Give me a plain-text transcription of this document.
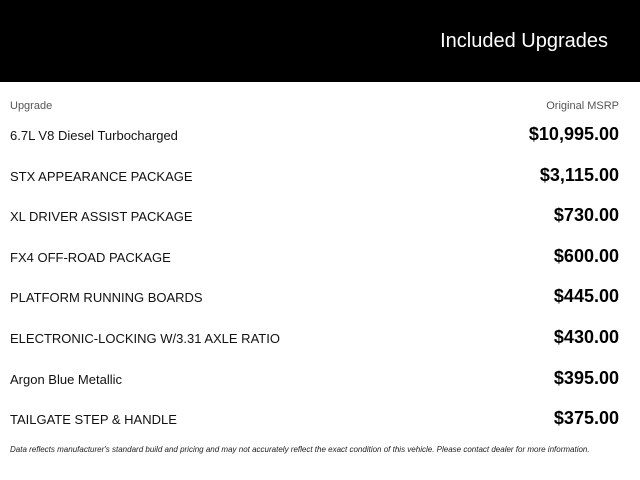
Included Upgrades
Upgrade	Original MSRP
6.7L V8 Diesel Turbocharged	$10,995.00
STX APPEARANCE PACKAGE	$3,115.00
XL DRIVER ASSIST PACKAGE	$730.00
FX4 OFF-ROAD PACKAGE	$600.00
PLATFORM RUNNING BOARDS	$445.00
ELECTRONIC-LOCKING W/3.31 AXLE RATIO	$430.00
Argon Blue Metallic	$395.00
TAILGATE STEP & HANDLE	$375.00
Data reflects manufacturer's standard build and pricing and may not accurately reflect the exact condition of this vehicle. Please contact dealer for more information.
